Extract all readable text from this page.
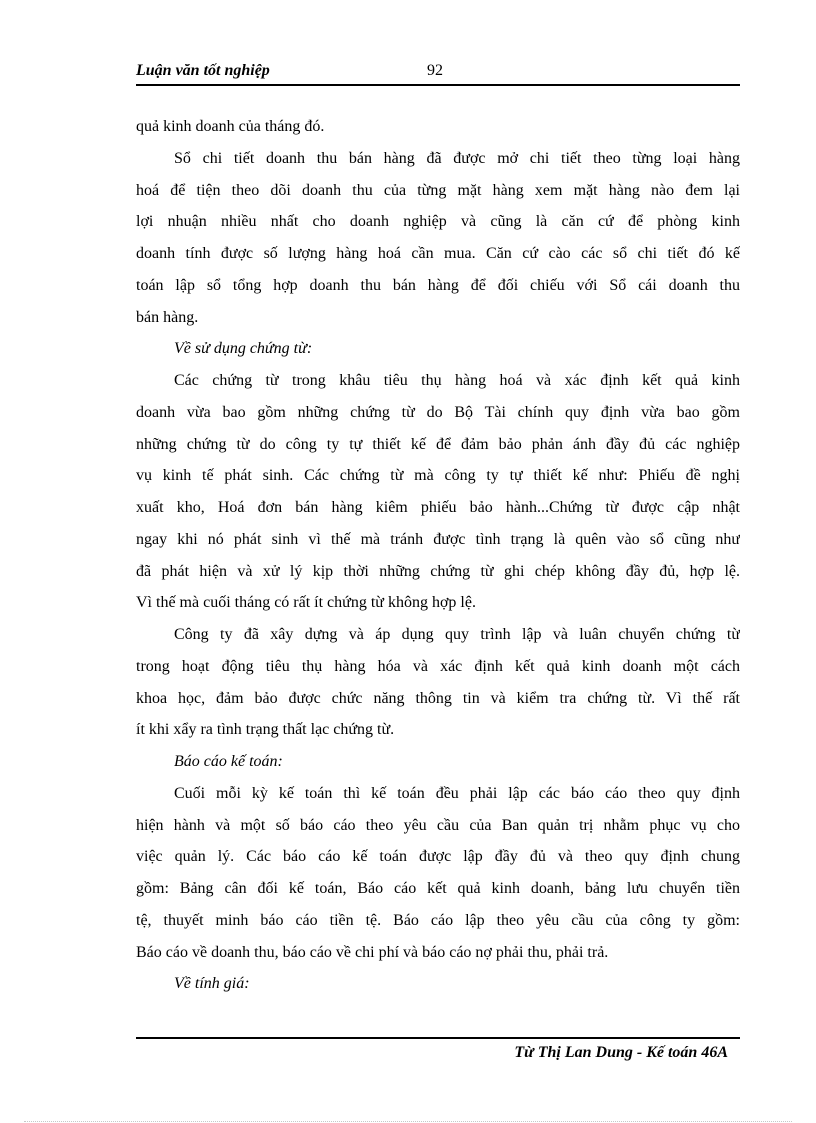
Luận văn tốt nghiệp	92
quả kinh doanh của tháng đó.
Sổ chi tiết doanh thu bán hàng đã được mở chi tiết theo từng loại hàng
hoá để tiện theo dõi doanh thu của từng mặt hàng xem mặt hàng nào đem lại
lợi nhuận nhiều nhất cho doanh nghiệp và cũng là căn cứ để phòng kinh
doanh tính được số lượng hàng hoá cần mua. Căn cứ cào các sổ chi tiết đó kế
toán lập sổ tổng hợp doanh thu bán hàng để đối chiếu với Sổ cái doanh thu
bán hàng.
Về sử dụng chứng từ:
Các chứng từ trong khâu tiêu thụ hàng hoá và xác định kết quả kinh
doanh vừa bao gồm những chứng từ do Bộ Tài chính quy định vừa bao gồm
những chứng từ do công ty tự thiết kế để đảm bảo phản ánh đầy đủ các nghiệp
vụ kinh tế phát sinh. Các chứng từ mà công ty tự thiết kế như: Phiếu đề nghị
xuất kho, Hoá đơn bán hàng kiêm phiếu bảo hành...Chứng từ được cập nhật
ngay khi nó phát sinh vì thế mà tránh được tình trạng là quên vào sổ cũng như
đã phát hiện và xử lý kịp thời những chứng từ ghi chép không đầy đủ, hợp lệ.
Vì thế mà cuối tháng có rất ít chứng từ không hợp lệ.
Công ty đã xây dựng và áp dụng quy trình lập và luân chuyển chứng từ
trong hoạt động tiêu thụ hàng hóa và xác định kết quả kinh doanh một cách
khoa học, đảm bảo được chức năng thông tin và kiểm tra chứng từ. Vì thế rất
ít khi xẩy ra tình trạng thất lạc chứng từ.
Báo cáo kế toán:
Cuối mỗi kỳ kế toán thì kế toán đều phải lập các báo cáo theo quy định
hiện hành và một số báo cáo theo yêu cầu của Ban quản trị nhằm phục vụ cho
việc quản lý. Các báo cáo kế toán được lập đầy đủ và theo quy định chung
gồm: Bảng cân đối kế toán, Báo cáo kết quả kinh doanh, bảng lưu chuyển tiền
tệ, thuyết minh báo cáo tiền tệ. Báo cáo lập theo yêu cầu của công ty gồm:
Báo cáo về doanh thu, báo cáo về chi phí và báo cáo nợ phải thu, phải trả.
Về tính giá:
Từ Thị Lan Dung - Kế toán 46A
